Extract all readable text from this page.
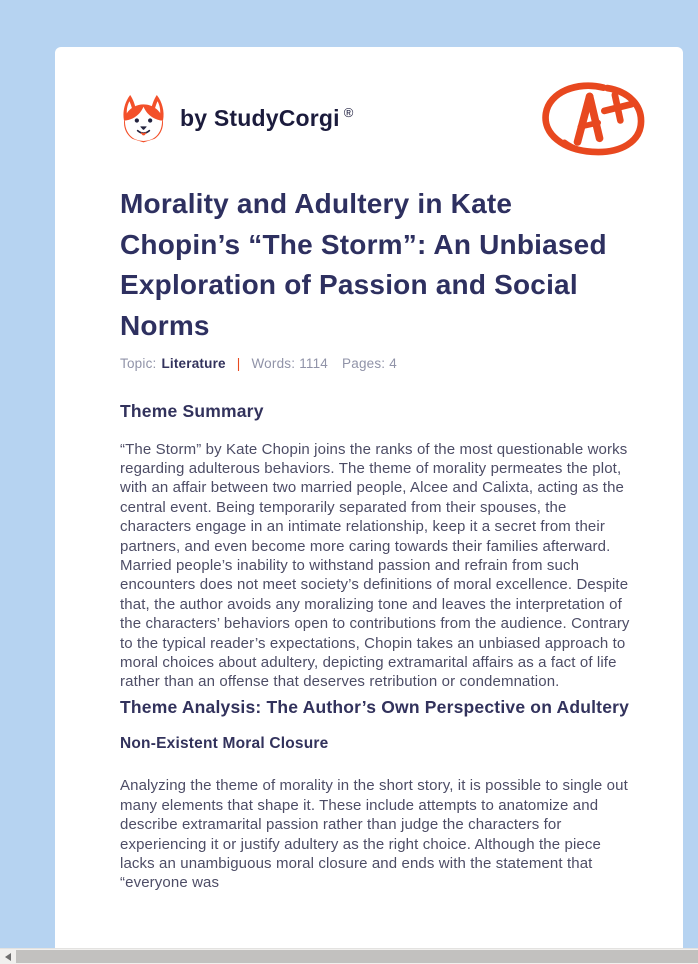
by StudyCorgi ®
Morality and Adultery in Kate Chopin’s “The Storm”: An Unbiased Exploration of Passion and Social Norms
Topic: Literature | Words: 1114 Pages: 4
Theme Summary

“The Storm” by Kate Chopin joins the ranks of the most questionable works regarding adulterous behaviors. The theme of morality permeates the plot, with an affair between two married people, Alcee and Calixta, acting as the central event. Being temporarily separated from their spouses, the characters engage in an intimate relationship, keep it a secret from their partners, and even become more caring towards their families afterward. Married people’s inability to withstand passion and refrain from such encounters does not meet society’s definitions of moral excellence. Despite that, the author avoids any moralizing tone and leaves the interpretation of the characters’ behaviors open to contributions from the audience. Contrary to the typical reader’s expectations, Chopin takes an unbiased approach to moral choices about adultery, depicting extramarital affairs as a fact of life rather than an offense that deserves retribution or condemnation.

Theme Analysis: The Author’s Own Perspective on Adultery
Non-Existent Moral Closure

Analyzing the theme of morality in the short story, it is possible to single out many elements that shape it. These include attempts to anatomize and describe extramarital passion rather than judge the characters for experiencing it or justify adultery as the right choice. Although the piece lacks an unambiguous moral closure and ends with the statement that “everyone was
